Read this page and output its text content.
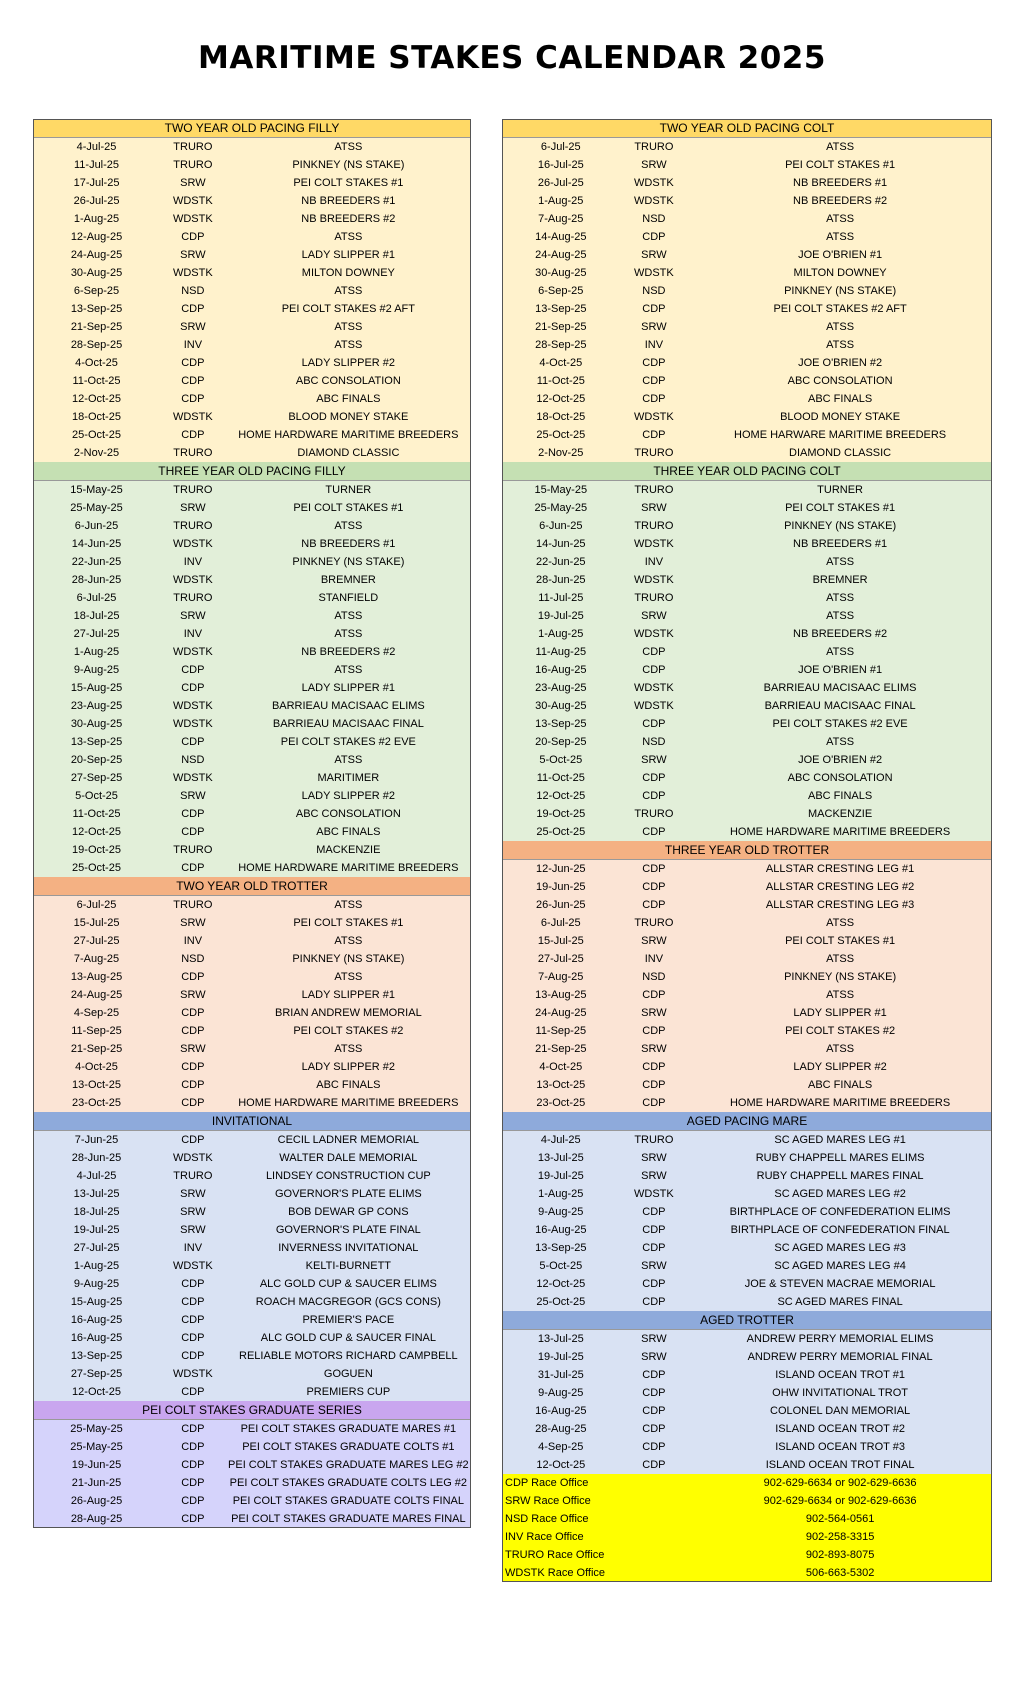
MARITIME STAKES CALENDAR 2025
TWO YEAR OLD PACING FILLY
4-Jul-25	TRURO	ATSS
11-Jul-25	TRURO	PINKNEY (NS STAKE)
17-Jul-25	SRW	PEI COLT STAKES #1
26-Jul-25	WDSTK	NB BREEDERS #1
1-Aug-25	WDSTK	NB BREEDERS #2
12-Aug-25	CDP	ATSS
24-Aug-25	SRW	LADY SLIPPER #1
30-Aug-25	WDSTK	MILTON DOWNEY
6-Sep-25	NSD	ATSS
13-Sep-25	CDP	PEI COLT STAKES #2 AFT
21-Sep-25	SRW	ATSS
28-Sep-25	INV	ATSS
4-Oct-25	CDP	LADY SLIPPER #2
11-Oct-25	CDP	ABC CONSOLATION
12-Oct-25	CDP	ABC FINALS
18-Oct-25	WDSTK	BLOOD MONEY STAKE
25-Oct-25	CDP	HOME HARDWARE MARITIME BREEDERS
2-Nov-25	TRURO	DIAMOND CLASSIC
THREE YEAR OLD PACING FILLY
15-May-25	TRURO	TURNER
25-May-25	SRW	PEI COLT STAKES #1
6-Jun-25	TRURO	ATSS
14-Jun-25	WDSTK	NB BREEDERS #1
22-Jun-25	INV	PINKNEY (NS STAKE)
28-Jun-25	WDSTK	BREMNER
6-Jul-25	TRURO	STANFIELD
18-Jul-25	SRW	ATSS
27-Jul-25	INV	ATSS
1-Aug-25	WDSTK	NB BREEDERS #2
9-Aug-25	CDP	ATSS
15-Aug-25	CDP	LADY SLIPPER #1
23-Aug-25	WDSTK	BARRIEAU MACISAAC ELIMS
30-Aug-25	WDSTK	BARRIEAU MACISAAC FINAL
13-Sep-25	CDP	PEI COLT STAKES #2 EVE
20-Sep-25	NSD	ATSS
27-Sep-25	WDSTK	MARITIMER
5-Oct-25	SRW	LADY SLIPPER #2
11-Oct-25	CDP	ABC CONSOLATION
12-Oct-25	CDP	ABC FINALS
19-Oct-25	TRURO	MACKENZIE
25-Oct-25	CDP	HOME HARDWARE MARITIME BREEDERS
TWO YEAR OLD TROTTER
6-Jul-25	TRURO	ATSS
15-Jul-25	SRW	PEI COLT STAKES #1
27-Jul-25	INV	ATSS
7-Aug-25	NSD	PINKNEY (NS STAKE)
13-Aug-25	CDP	ATSS
24-Aug-25	SRW	LADY SLIPPER #1
4-Sep-25	CDP	BRIAN ANDREW MEMORIAL
11-Sep-25	CDP	PEI COLT STAKES #2
21-Sep-25	SRW	ATSS
4-Oct-25	CDP	LADY SLIPPER #2
13-Oct-25	CDP	ABC FINALS
23-Oct-25	CDP	HOME HARDWARE MARITIME BREEDERS
INVITATIONAL
7-Jun-25	CDP	CECIL LADNER MEMORIAL
28-Jun-25	WDSTK	WALTER DALE MEMORIAL
4-Jul-25	TRURO	LINDSEY CONSTRUCTION CUP
13-Jul-25	SRW	GOVERNOR'S PLATE ELIMS
18-Jul-25	SRW	BOB DEWAR GP CONS
19-Jul-25	SRW	GOVERNOR'S PLATE FINAL
27-Jul-25	INV	INVERNESS INVITATIONAL
1-Aug-25	WDSTK	KELTI-BURNETT
9-Aug-25	CDP	ALC GOLD CUP & SAUCER ELIMS
15-Aug-25	CDP	ROACH MACGREGOR (GCS CONS)
16-Aug-25	CDP	PREMIER'S PACE
16-Aug-25	CDP	ALC GOLD CUP & SAUCER FINAL
13-Sep-25	CDP	RELIABLE MOTORS RICHARD CAMPBELL
27-Sep-25	WDSTK	GOGUEN
12-Oct-25	CDP	PREMIERS CUP
PEI COLT STAKES GRADUATE SERIES
25-May-25	CDP	PEI COLT STAKES GRADUATE MARES #1
25-May-25	CDP	PEI COLT STAKES GRADUATE COLTS #1
19-Jun-25	CDP	PEI COLT STAKES GRADUATE MARES LEG #2
21-Jun-25	CDP	PEI COLT STAKES GRADUATE COLTS LEG #2
26-Aug-25	CDP	PEI COLT STAKES GRADUATE COLTS FINAL
28-Aug-25	CDP	PEI COLT STAKES GRADUATE MARES FINAL
TWO YEAR OLD PACING COLT
6-Jul-25	TRURO	ATSS
16-Jul-25	SRW	PEI COLT STAKES #1
26-Jul-25	WDSTK	NB BREEDERS #1
1-Aug-25	WDSTK	NB BREEDERS #2
7-Aug-25	NSD	ATSS
14-Aug-25	CDP	ATSS
24-Aug-25	SRW	JOE O'BRIEN #1
30-Aug-25	WDSTK	MILTON DOWNEY
6-Sep-25	NSD	PINKNEY (NS STAKE)
13-Sep-25	CDP	PEI COLT STAKES #2 AFT
21-Sep-25	SRW	ATSS
28-Sep-25	INV	ATSS
4-Oct-25	CDP	JOE O'BRIEN #2
11-Oct-25	CDP	ABC CONSOLATION
12-Oct-25	CDP	ABC FINALS
18-Oct-25	WDSTK	BLOOD MONEY STAKE
25-Oct-25	CDP	HOME HARWARE MARITIME BREEDERS
2-Nov-25	TRURO	DIAMOND CLASSIC
THREE YEAR OLD PACING COLT
15-May-25	TRURO	TURNER
25-May-25	SRW	PEI COLT STAKES #1
6-Jun-25	TRURO	PINKNEY (NS STAKE)
14-Jun-25	WDSTK	NB BREEDERS #1
22-Jun-25	INV	ATSS
28-Jun-25	WDSTK	BREMNER
11-Jul-25	TRURO	ATSS
19-Jul-25	SRW	ATSS
1-Aug-25	WDSTK	NB BREEDERS #2
11-Aug-25	CDP	ATSS
16-Aug-25	CDP	JOE O'BRIEN #1
23-Aug-25	WDSTK	BARRIEAU MACISAAC ELIMS
30-Aug-25	WDSTK	BARRIEAU MACISAAC FINAL
13-Sep-25	CDP	PEI COLT STAKES #2 EVE
20-Sep-25	NSD	ATSS
5-Oct-25	SRW	JOE O'BRIEN #2
11-Oct-25	CDP	ABC CONSOLATION
12-Oct-25	CDP	ABC FINALS
19-Oct-25	TRURO	MACKENZIE
25-Oct-25	CDP	HOME HARDWARE MARITIME BREEDERS
THREE YEAR OLD TROTTER
12-Jun-25	CDP	ALLSTAR CRESTING LEG #1
19-Jun-25	CDP	ALLSTAR CRESTING LEG #2
26-Jun-25	CDP	ALLSTAR CRESTING LEG #3
6-Jul-25	TRURO	ATSS
15-Jul-25	SRW	PEI COLT STAKES #1
27-Jul-25	INV	ATSS
7-Aug-25	NSD	PINKNEY (NS STAKE)
13-Aug-25	CDP	ATSS
24-Aug-25	SRW	LADY SLIPPER #1
11-Sep-25	CDP	PEI COLT STAKES #2
21-Sep-25	SRW	ATSS
4-Oct-25	CDP	LADY SLIPPER #2
13-Oct-25	CDP	ABC FINALS
23-Oct-25	CDP	HOME HARDWARE MARITIME BREEDERS
AGED PACING MARE
4-Jul-25	TRURO	SC AGED MARES LEG #1
13-Jul-25	SRW	RUBY CHAPPELL MARES ELIMS
19-Jul-25	SRW	RUBY CHAPPELL MARES FINAL
1-Aug-25	WDSTK	SC AGED MARES LEG #2
9-Aug-25	CDP	BIRTHPLACE OF CONFEDERATION ELIMS
16-Aug-25	CDP	BIRTHPLACE OF CONFEDERATION FINAL
13-Sep-25	CDP	SC AGED MARES LEG #3
5-Oct-25	SRW	SC AGED MARES LEG #4
12-Oct-25	CDP	JOE & STEVEN MACRAE MEMORIAL
25-Oct-25	CDP	SC AGED MARES FINAL
AGED TROTTER
13-Jul-25	SRW	ANDREW PERRY MEMORIAL ELIMS
19-Jul-25	SRW	ANDREW PERRY MEMORIAL FINAL
31-Jul-25	CDP	ISLAND OCEAN TROT #1
9-Aug-25	CDP	OHW INVITATIONAL TROT
16-Aug-25	CDP	COLONEL DAN MEMORIAL
28-Aug-25	CDP	ISLAND OCEAN TROT #2
4-Sep-25	CDP	ISLAND OCEAN TROT #3
12-Oct-25	CDP	ISLAND OCEAN TROT FINAL
CDP Race Office	902-629-6634 or 902-629-6636
SRW Race Office	902-629-6634 or 902-629-6636
NSD Race Office	902-564-0561
INV Race Office	902-258-3315
TRURO Race Office	902-893-8075
WDSTK Race Office	506-663-5302
